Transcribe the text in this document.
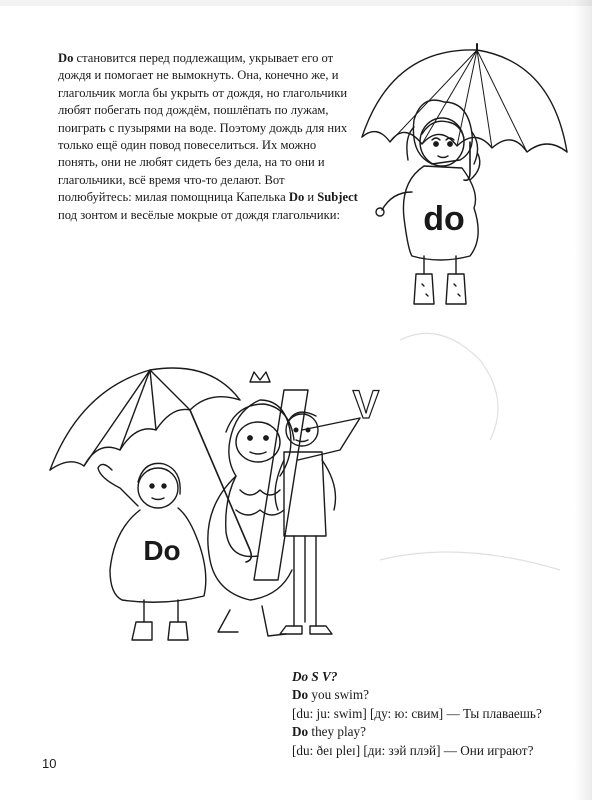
Do становится перед подлежащим, укрывает его от дождя и помогает не вымокнуть. Она, конечно же, и глагольчик могла бы укрыть от дождя, но глагольчики любят побегать под дождём, пошлёпать по лужам, поиграть с пузырями на воде. Поэтому дождь для них только ещё один повод повеселиться. Их можно понять, они не любят сидеть без дела, на то они и глагольчики, всё время что-то делают. Вот полюбуйтесь: милая помощница Капелька Do и Subject под зонтом и весёлые мокрые от дождя глагольчики:	do
Do
V
Do S V?
Do you swim?
[du: ju: swim] [ду: ю: свим] — Ты плаваешь?
Do they play?
[du: ðeɪ pleɪ] [ди: зэй плэй] — Они играют?
10
